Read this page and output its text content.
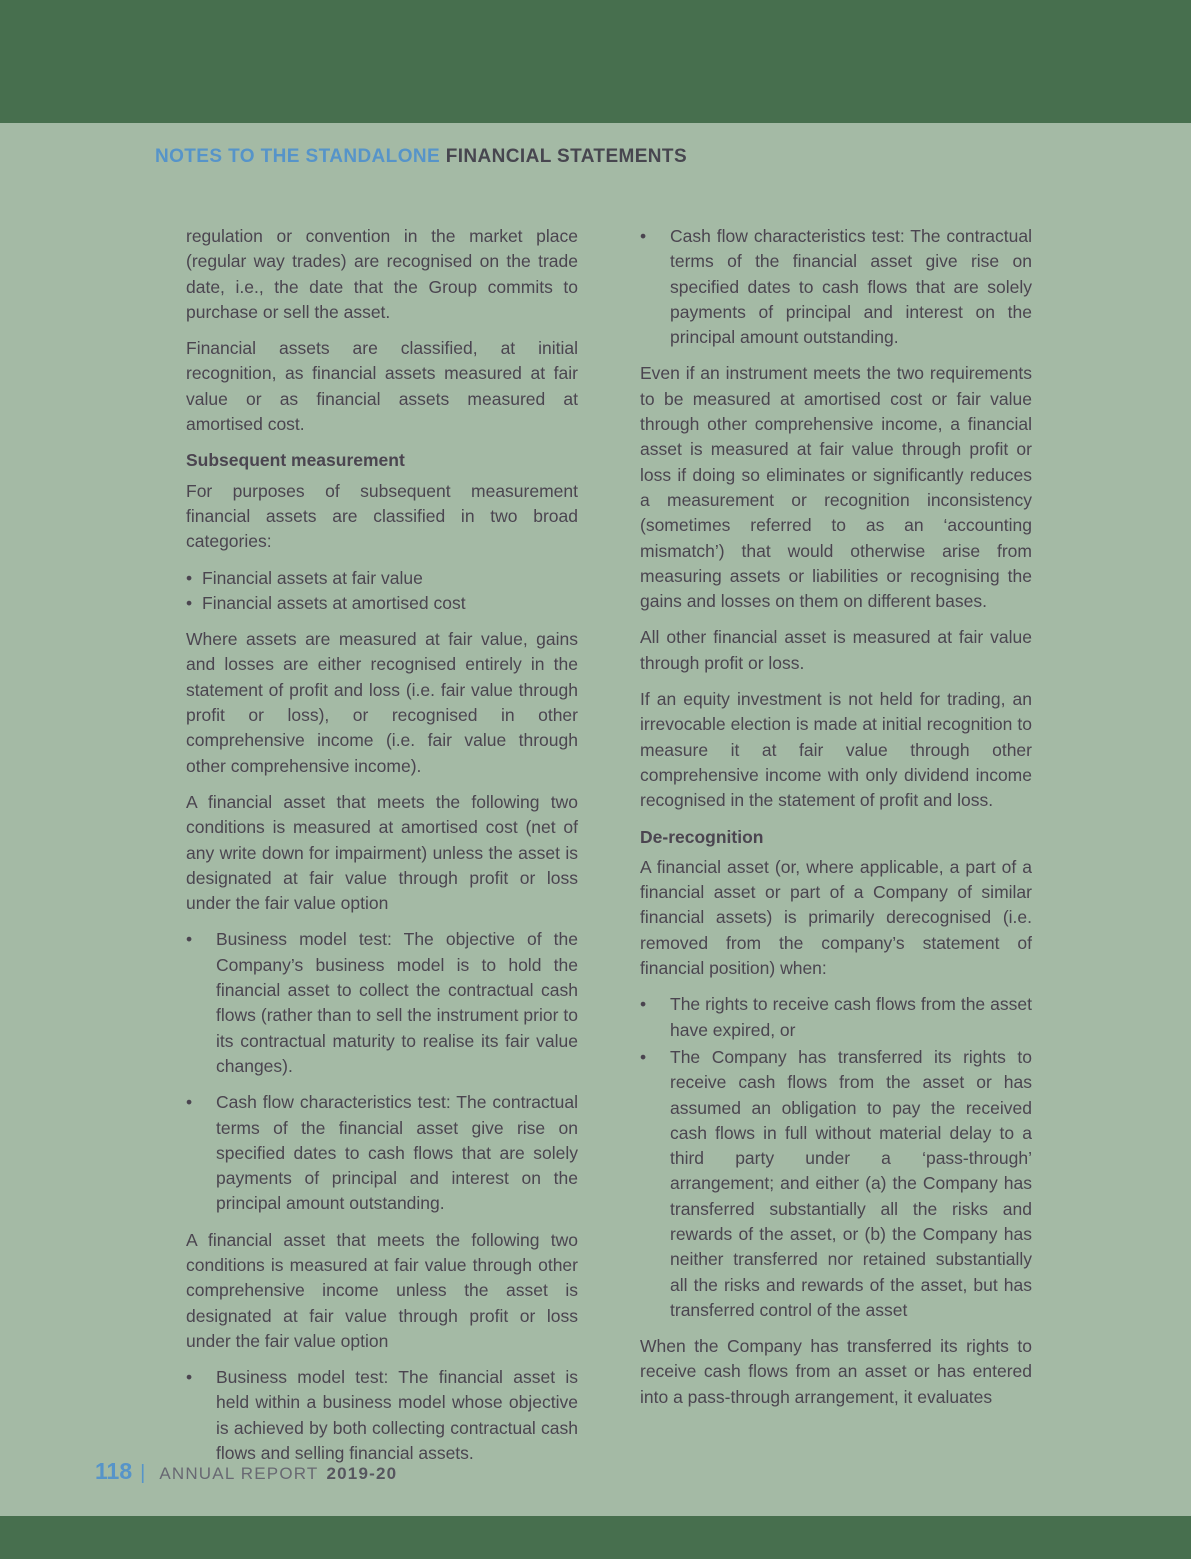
NOTES TO THE STANDALONE FINANCIAL STATEMENTS

regulation or convention in the market place (regular way trades) are recognised on the trade date, i.e., the date that the Group commits to purchase or sell the asset.

Financial assets are classified, at initial recognition, as financial assets measured at fair value or as financial assets measured at amortised cost.

Subsequent measurement

For purposes of subsequent measurement financial assets are classified in two broad categories:

• Financial assets at fair value
• Financial assets at amortised cost

Where assets are measured at fair value, gains and losses are either recognised entirely in the statement of profit and loss (i.e. fair value through profit or loss), or recognised in other comprehensive income (i.e. fair value through other comprehensive income).

A financial asset that meets the following two conditions is measured at amortised cost (net of any write down for impairment) unless the asset is designated at fair value through profit or loss under the fair value option

•	Business model test: The objective of the Company’s business model is to hold the financial asset to collect the contractual cash flows (rather than to sell the instrument prior to its contractual maturity to realise its fair value changes).
•	Cash flow characteristics test: The contractual terms of the financial asset give rise on specified dates to cash flows that are solely payments of principal and interest on the principal amount outstanding.

A financial asset that meets the following two conditions is measured at fair value through other comprehensive income unless the asset is designated at fair value through profit or loss under the fair value option

•	Business model test: The financial asset is held within a business model whose objective is achieved by both collecting contractual cash flows and selling financial assets.
•	Cash flow characteristics test: The contractual terms of the financial asset give rise on specified dates to cash flows that are solely payments of principal and interest on the principal amount outstanding.

Even if an instrument meets the two requirements to be measured at amortised cost or fair value through other comprehensive income, a financial asset is measured at fair value through profit or loss if doing so eliminates or significantly reduces a measurement or recognition inconsistency (sometimes referred to as an ‘accounting mismatch’) that would otherwise arise from measuring assets or liabilities or recognising the gains and losses on them on different bases.

All other financial asset is measured at fair value through profit or loss.

If an equity investment is not held for trading, an irrevocable election is made at initial recognition to measure it at fair value through other comprehensive income with only dividend income recognised in the statement of profit and loss.

De-recognition

A financial asset (or, where applicable, a part of a financial asset or part of a Company of similar financial assets) is primarily derecognised (i.e. removed from the company’s statement of financial position) when:

•	The rights to receive cash flows from the asset have expired, or
•	The Company has transferred its rights to receive cash flows from the asset or has assumed an obligation to pay the received cash flows in full without material delay to a third party under a ‘pass-through’ arrangement; and either (a) the Company has transferred substantially all the risks and rewards of the asset, or (b) the Company has neither transferred nor retained substantially all the risks and rewards of the asset, but has transferred control of the asset

When the Company has transferred its rights to receive cash flows from an asset or has entered into a pass-through arrangement, it evaluates

118 | ANNUAL REPORT 2019-20
